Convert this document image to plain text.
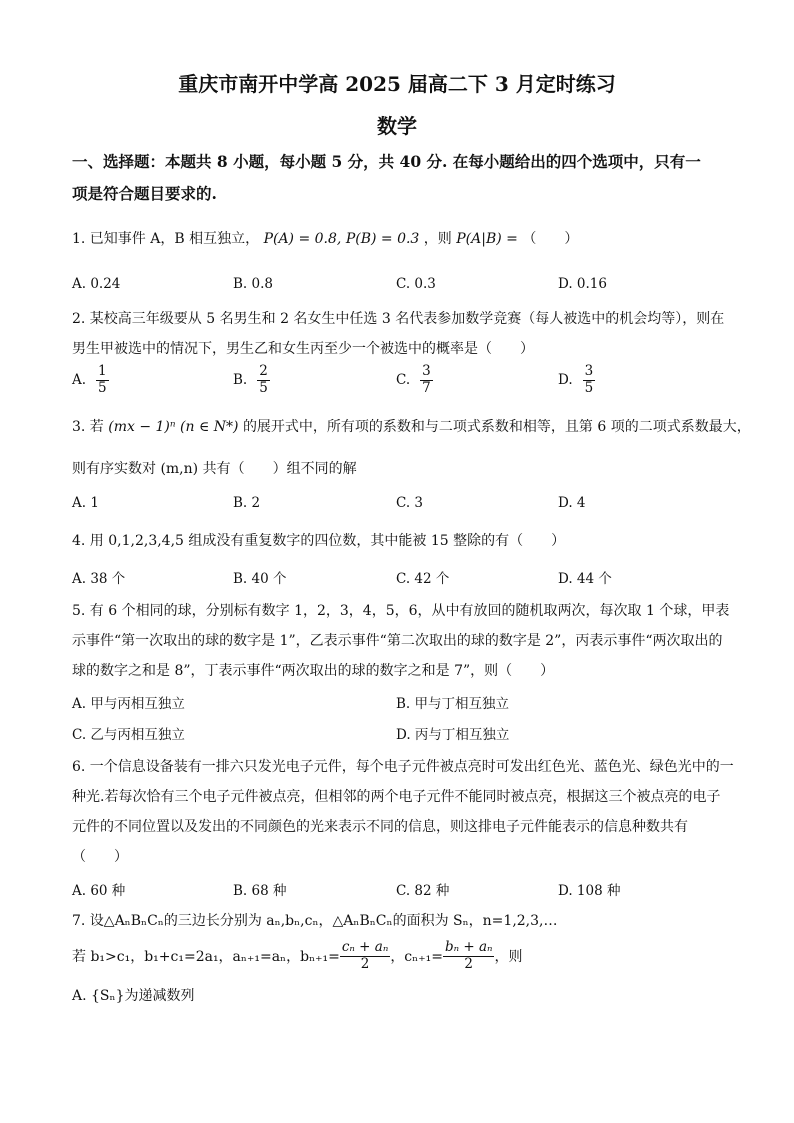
重庆市南开中学高 2025 届高二下 3 月定时练习
数学
一、选择题：本题共 8 小题，每小题 5 分，共 40 分. 在每小题给出的四个选项中，只有一
项是符合题目要求的.
1. 已知事件 A，B 相互独立， P(A) = 0.8, P(B) = 0.3 ，则 P(A|B) = （　　）
A. 0.24	B. 0.8	C. 0.3	D. 0.16
2. 某校高三年级要从 5 名男生和 2 名女生中任选 3 名代表参加数学竞赛（每人被选中的机会均等），则在
男生甲被选中的情况下，男生乙和女生丙至少一个被选中的概率是（　　）
A. $\frac{1}{5}$	B. $\frac{2}{5}$	C. $\frac{3}{7}$	D. $\frac{3}{5}$
3. 若 (mx − 1)ⁿ (n ∈ N*) 的展开式中，所有项的系数和与二项式系数和相等，且第 6 项的二项式系数最大，
则有序实数对 (m,n) 共有（　　）组不同的解
A. 1	B. 2	C. 3	D. 4
4. 用 0,1,2,3,4,5 组成没有重复数字的四位数，其中能被 15 整除的有（　　）
A. 38 个	B. 40 个	C. 42 个	D. 44 个
5. 有 6 个相同的球，分别标有数字 1，2，3，4，5，6，从中有放回的随机取两次，每次取 1 个球，甲表
示事件“第一次取出的球的数字是 1”，乙表示事件“第二次取出的球的数字是 2”，丙表示事件“两次取出的
球的数字之和是 8”，丁表示事件“两次取出的球的数字之和是 7”，则（　　）
A. 甲与丙相互独立	B. 甲与丁相互独立
C. 乙与丙相互独立	D. 丙与丁相互独立
6. 一个信息设备装有一排六只发光电子元件，每个电子元件被点亮时可发出红色光、蓝色光、绿色光中的一
种光.若每次恰有三个电子元件被点亮，但相邻的两个电子元件不能同时被点亮，根据这三个被点亮的电子
元件的不同位置以及发出的不同颜色的光来表示不同的信息，则这排电子元件能表示的信息种数共有
（　　）
A. 60 种	B. 68 种	C. 82 种	D. 108 种
7. 设△AₙBₙCₙ的三边长分别为 aₙ,bₙ,cₙ，△AₙBₙCₙ的面积为 Sₙ，n=1,2,3,…
若 b₁>c₁，b₁+c₁=2a₁，aₙ₊₁=aₙ，$b_{n+1}= \frac{\text{cₙ + aₙ}}{2}$ ，$c_{n+1}= \frac{\text{bₙ + aₙ}}{2}$ ，则
A. {Sₙ}为递减数列
